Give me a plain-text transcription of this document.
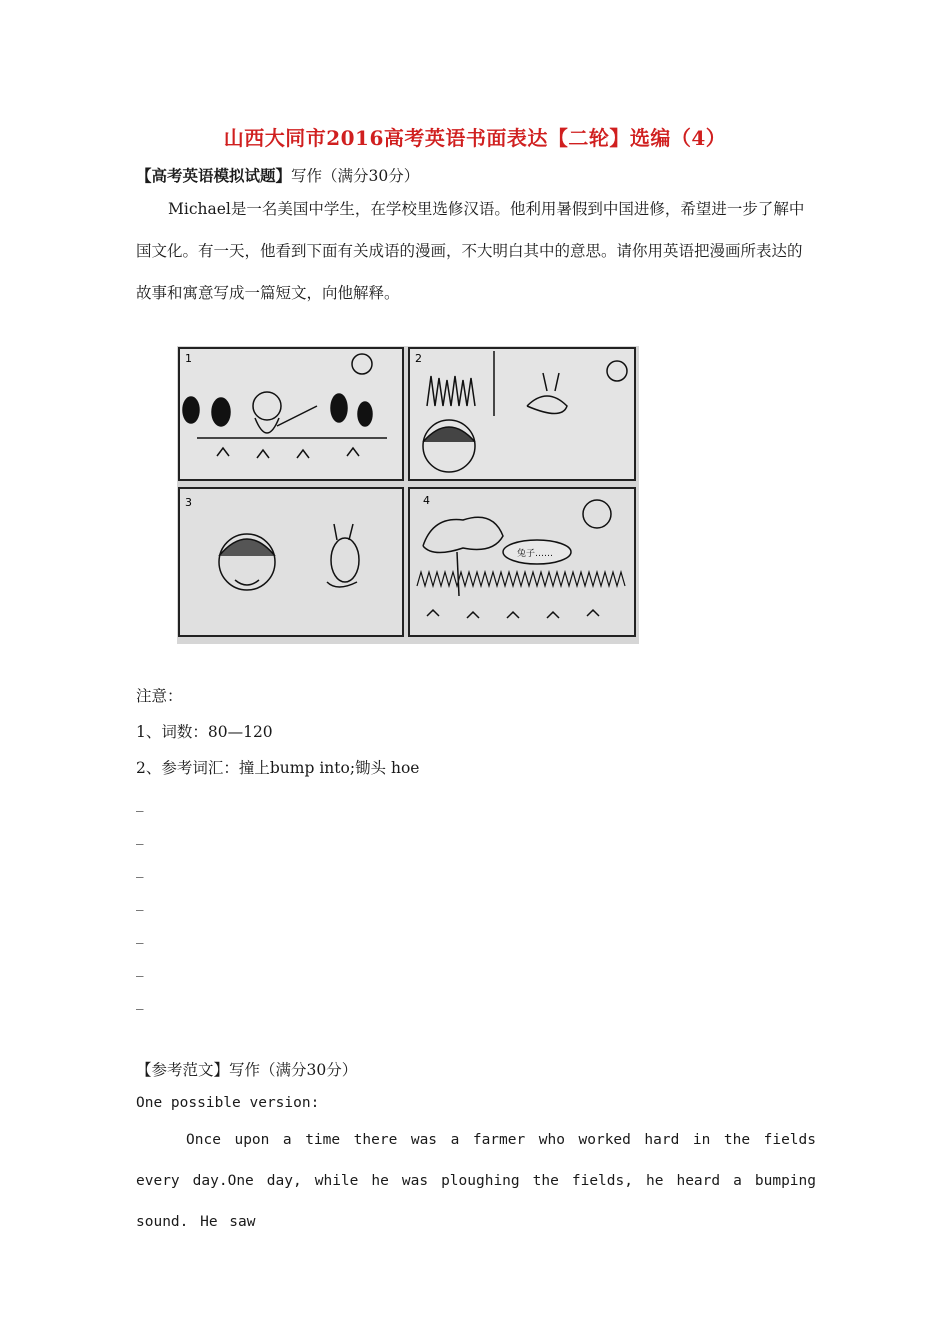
山西大同市2016高考英语书面表达【二轮】选编（4）
【高考英语模拟试题】写作（满分30分）
Michael是一名美国中学生，在学校里选修汉语。他利用暑假到中国进修，希望进一步了解中国文化。有一天，他看到下面有关成语的漫画，不大明白其中的意思。请你用英语把漫画所表达的故事和寓意写成一篇短文，向他解释。
1	2
3	4
兔子……
注意：
1、词数：80—120
2、参考词汇：撞上bump into;锄头 hoe
_
_
_
_
_
_
_
【参考范文】写作（满分30分）
One possible version:
Once upon a time there was a farmer who worked hard in the fields every day.One day, while he was ploughing the fields, he heard a bumping sound. He saw
